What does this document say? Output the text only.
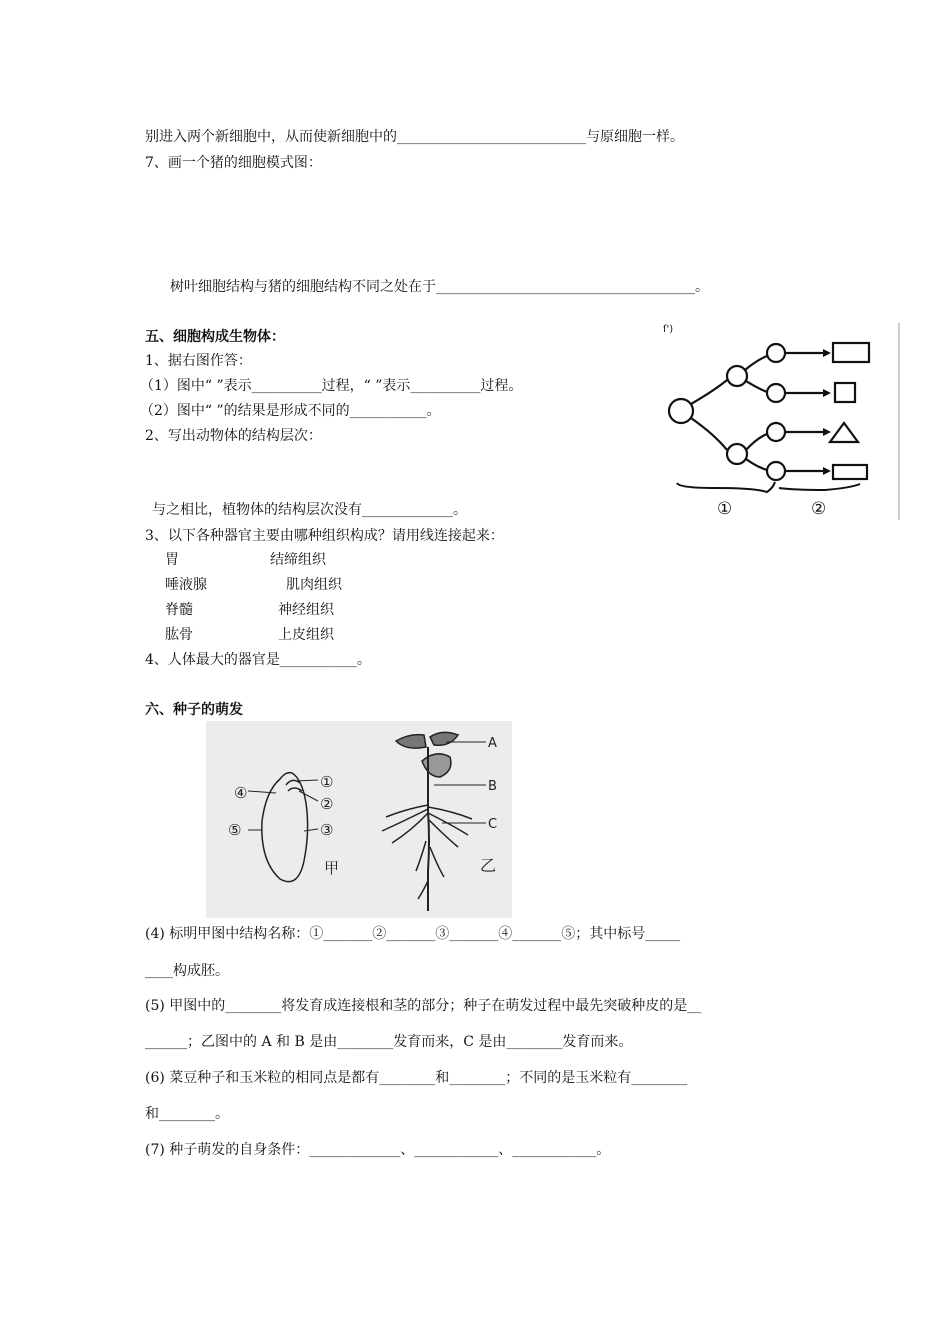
别进入两个新细胞中，从而使新细胞中的___________________________与原细胞一样。
7、画一个猪的细胞模式图：
树叶细胞结构与猪的细胞结构不同之处在于_____________________________________。
五、细胞构成生物体：
1、据右图作答：
（1）图中“ ”表示__________过程，“ ”表示__________过程。
（2）图中“ ”的结果是形成不同的___________。
2、写出动物体的结构层次：
与之相比，植物体的结构层次没有_____________。
3、以下各种器官主要由哪种组织构成？请用线连接起来：
胃
唾液腺
脊髓
肱骨
结缔组织
肌肉组织
神经组织
上皮组织
4、人体最大的器官是___________。
ſ')
①	②
六、种子的萌发
①
②
③
④
⑤
甲
A
B
C
乙
(4) 标明甲图中结构名称：①_______②_______③_______④_______⑤；其中标号_____
____构成胚。
(5) 甲图中的________将发育成连接根和茎的部分；种子在萌发过程中最先突破种皮的是__
______；乙图中的 A 和 B 是由________发育而来，C 是由________发育而来。
(6) 菜豆种子和玉米粒的相同点是都有________和________；不同的是玉米粒有________
和________。
(7) 种子萌发的自身条件：_____________、____________、____________。
